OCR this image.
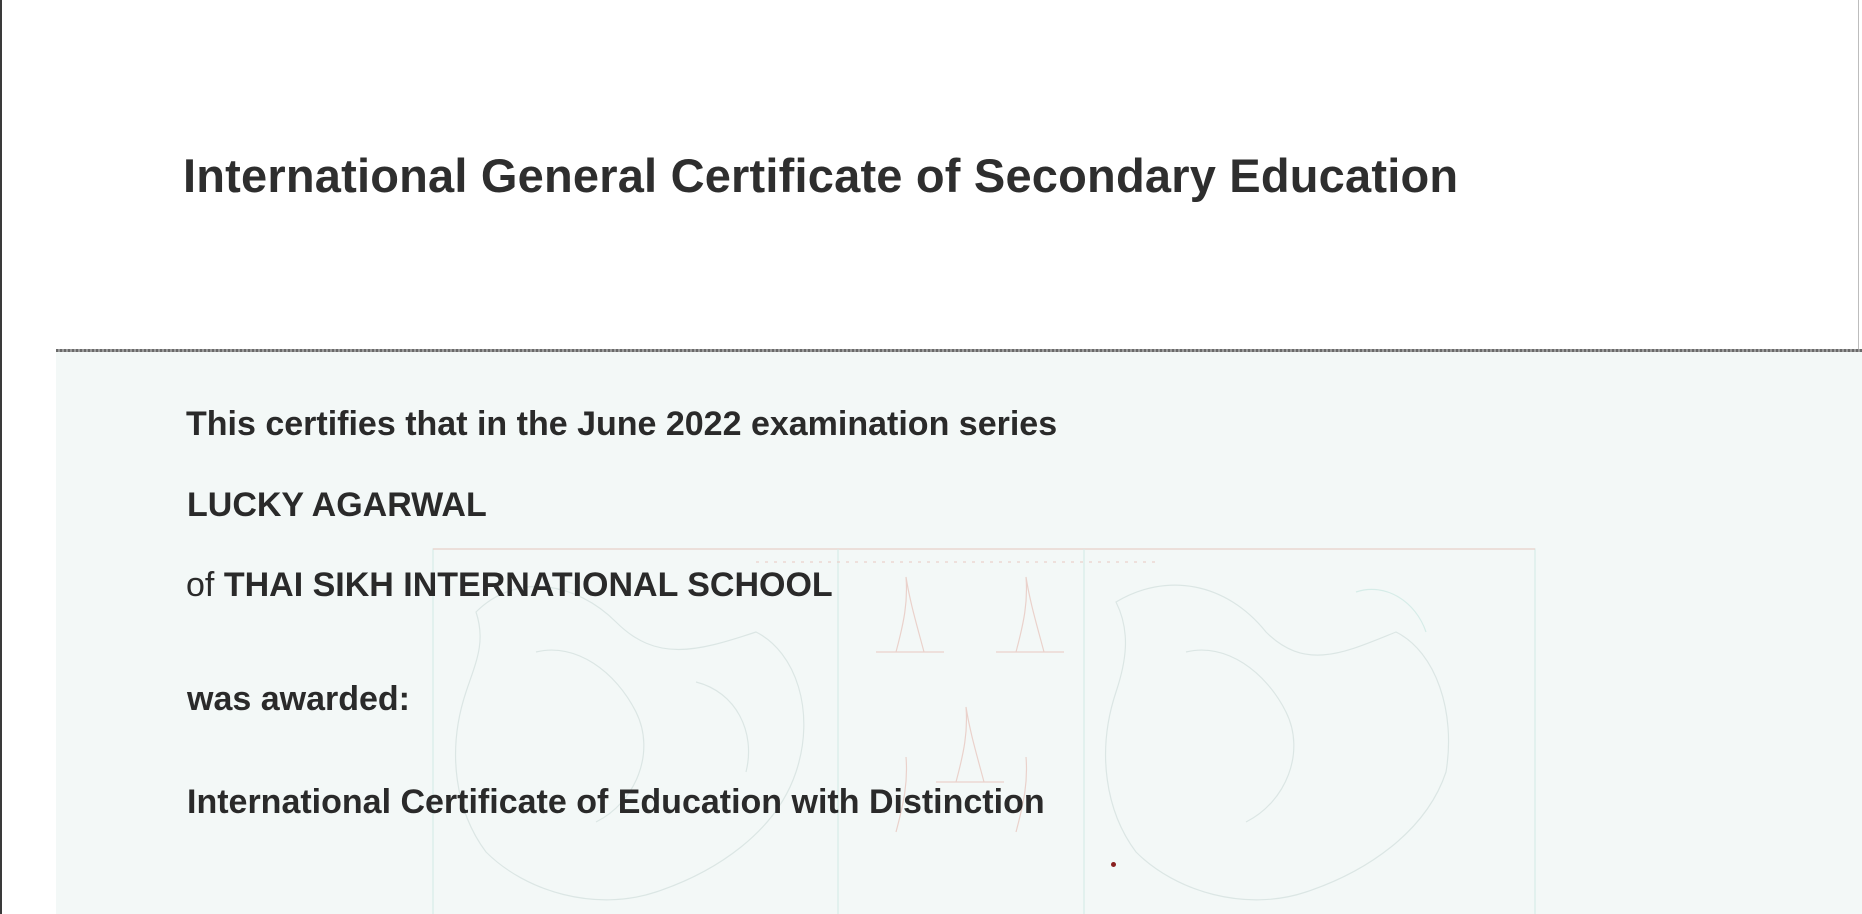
International General Certificate of Secondary Education

This certifies that in the June 2022 examination series

LUCKY AGARWAL

of THAI SIKH INTERNATIONAL SCHOOL

was awarded:

International Certificate of Education with Distinction
